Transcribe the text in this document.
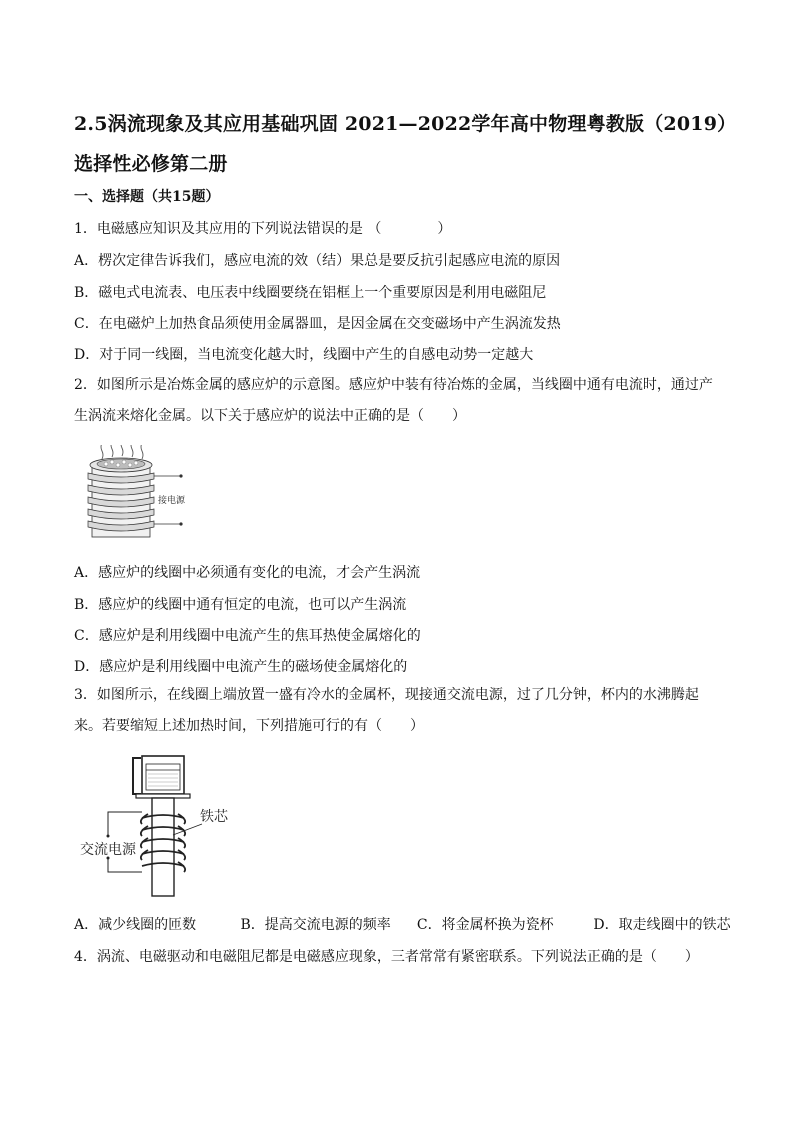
2.5涡流现象及其应用基础巩固 2021—2022学年高中物理粤教版（2019）选择性必修第二册
一、选择题（共15题）
1．电磁感应知识及其应用的下列说法错误的是 （　　　　）
A．楞次定律告诉我们，感应电流的效（结）果总是要反抗引起感应电流的原因
B．磁电式电流表、电压表中线圈要绕在铝框上一个重要原因是利用电磁阻尼
C．在电磁炉上加热食品须使用金属器皿，是因金属在交变磁场中产生涡流发热
D．对于同一线圈，当电流变化越大时，线圈中产生的自感电动势一定越大
2．如图所示是冶炼金属的感应炉的示意图。感应炉中装有待冶炼的金属，当线圈中通有电流时，通过产生涡流来熔化金属。以下关于感应炉的说法中正确的是（　　）
接电源
A．感应炉的线圈中必须通有变化的电流，才会产生涡流
B．感应炉的线圈中通有恒定的电流，也可以产生涡流
C．感应炉是利用线圈中电流产生的焦耳热使金属熔化的
D．感应炉是利用线圈中电流产生的磁场使金属熔化的
3．如图所示，在线圈上端放置一盛有冷水的金属杯，现接通交流电源，过了几分钟，杯内的水沸腾起来。若要缩短上述加热时间，下列措施可行的有（　　）
铁芯
交流电源
A．减少线圈的匝数	B．提高交流电源的频率 C．将金属杯换为瓷杯	D．取走线圈中的铁芯
4．涡流、电磁驱动和电磁阻尼都是电磁感应现象，三者常常有紧密联系。下列说法正确的是（　　）
